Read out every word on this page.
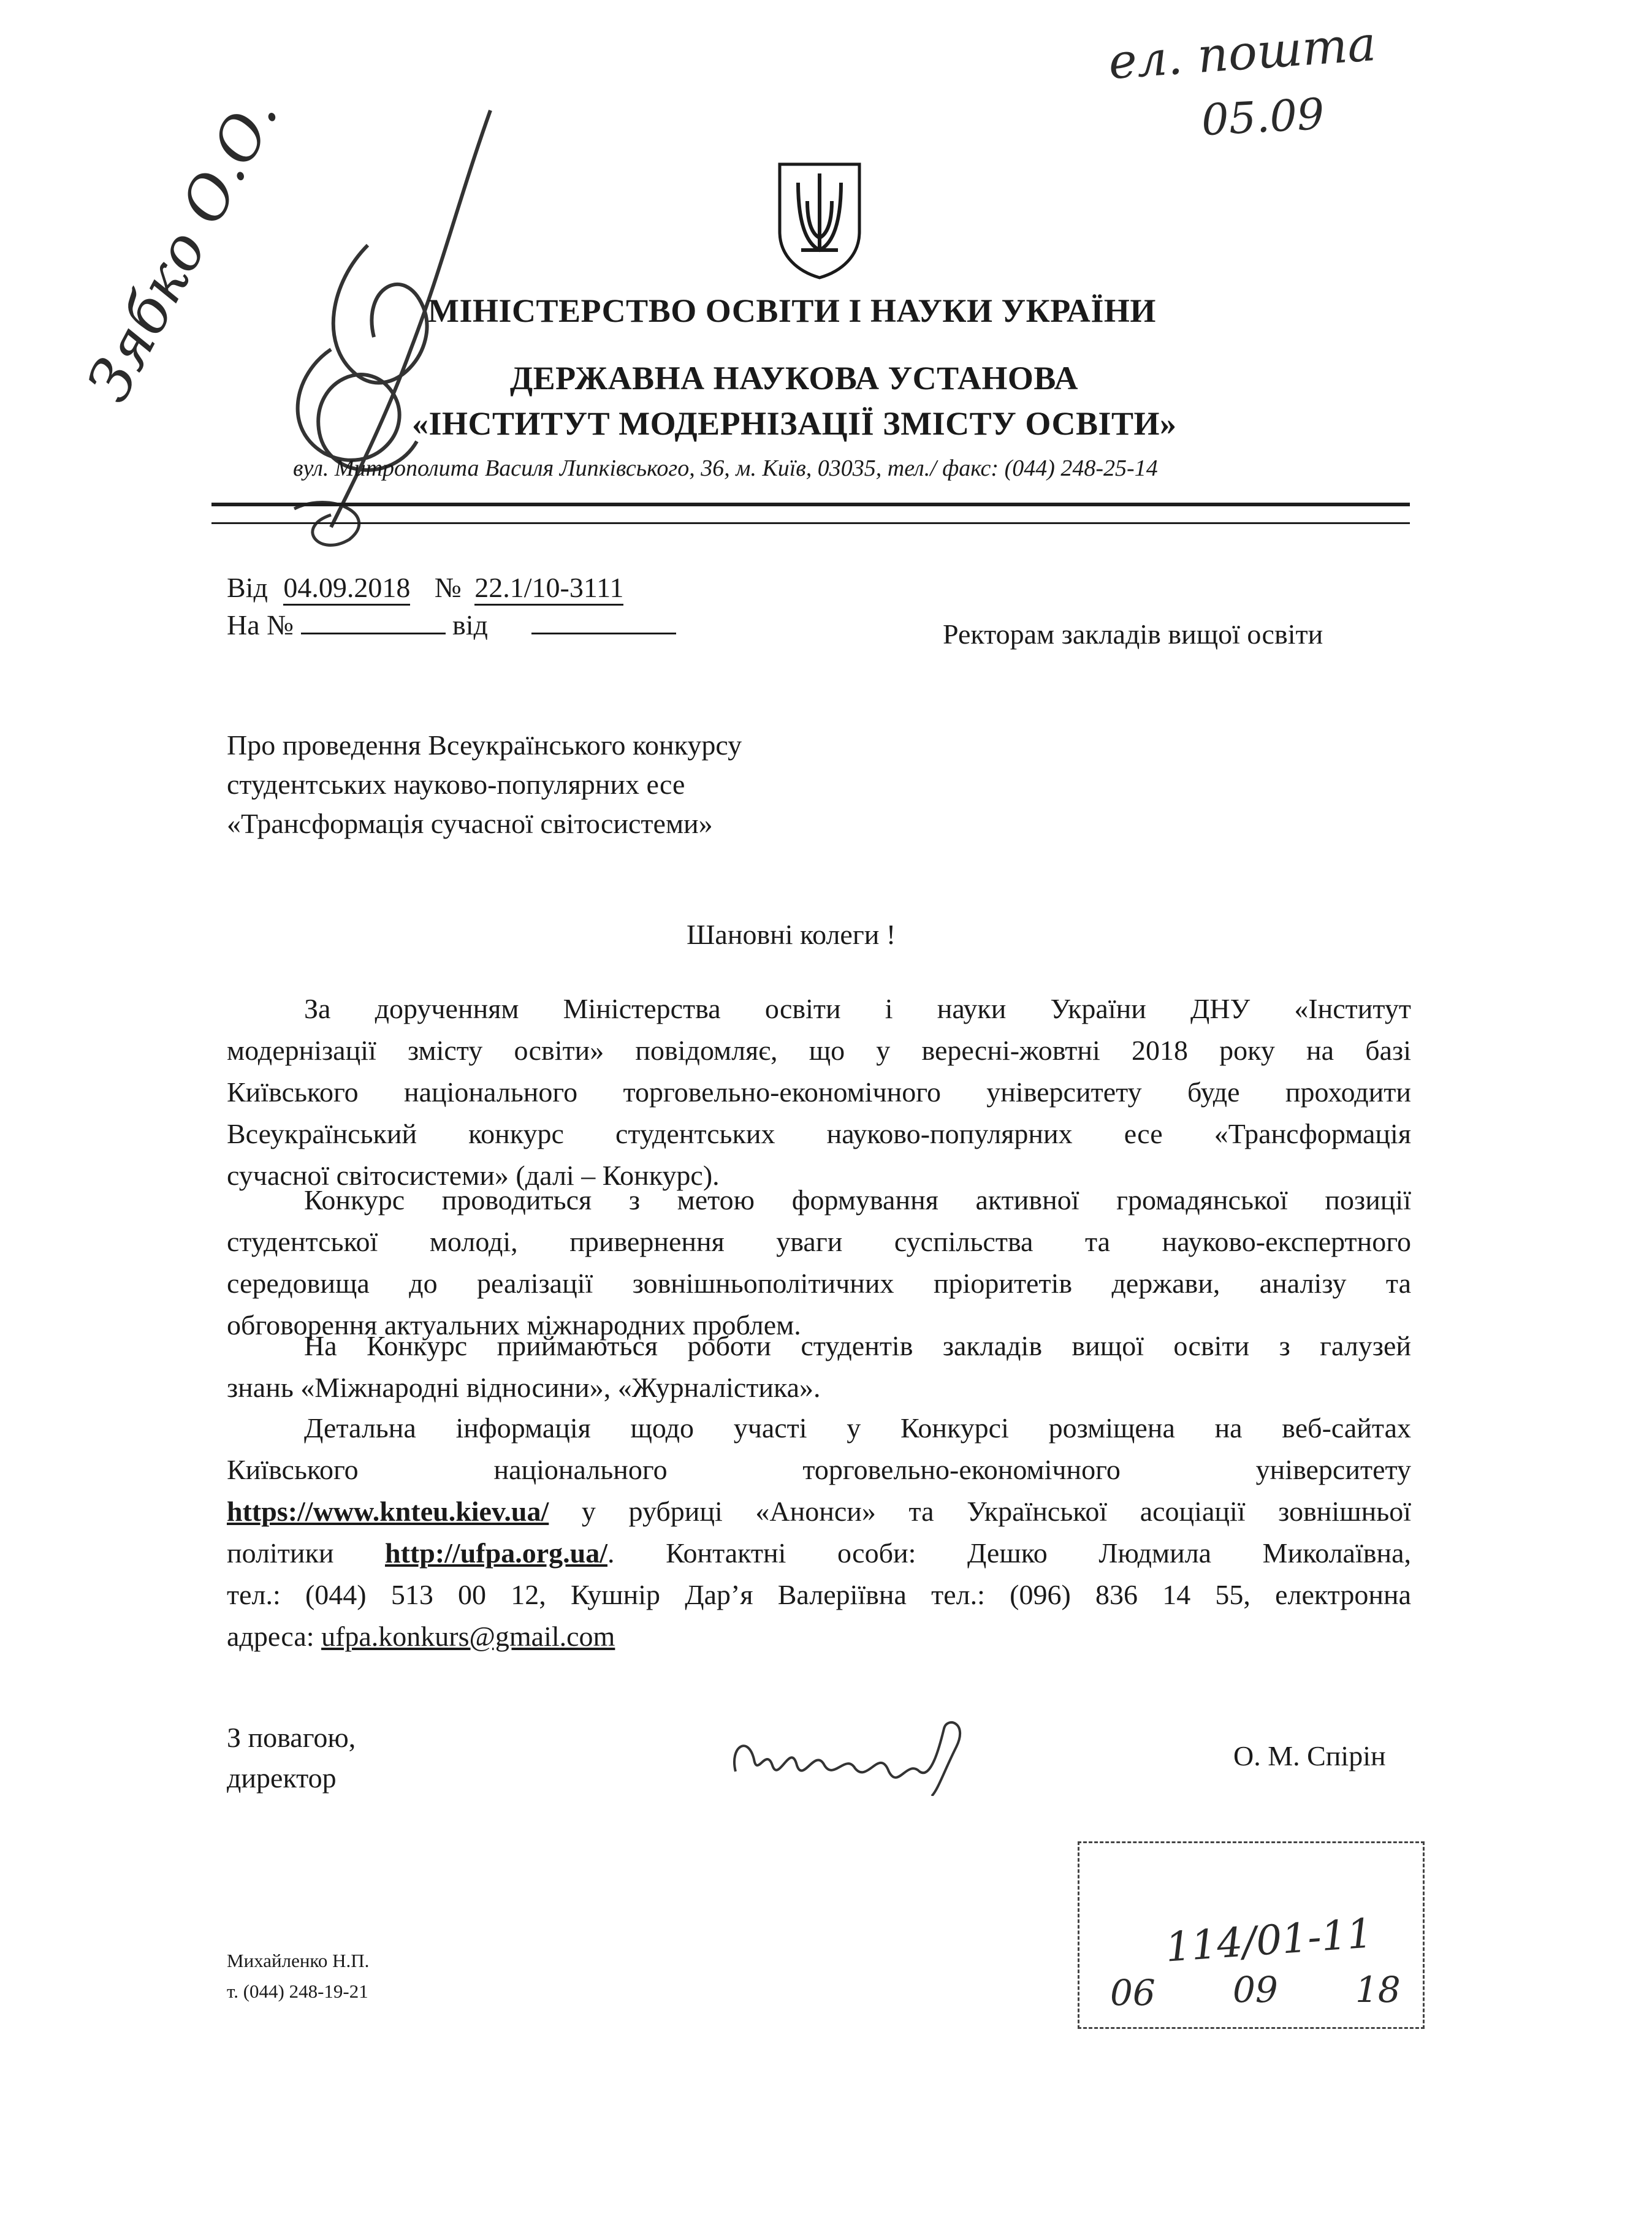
ел. пошта
05.09
Зябко О.О.	МІНІСТЕРСТВО ОСВІТИ І НАУКИ УКРАЇНИ
ДЕРЖАВНА НАУКОВА УСТАНОВА
«ІНСТИТУТ МОДЕРНІЗАЦІЇ ЗМІСТУ ОСВІТИ»
вул. Митрополита Василя Липківського, 36, м. Київ, 03035, тел./ факс: (044) 248-25-14
Від 04.09.2018 № 22.1/10-3111
На №	від	Ректорам закладів вищої освіти
Про проведення Всеукраїнського конкурсу
студентських науково-популярних есе
«Трансформація сучасної світосистеми»
Шановні колеги !
За дорученням Міністерства освіти і науки України ДНУ «Інститут
модернізації змісту освіти» повідомляє, що у вересні-жовтні 2018 року на базі
Київського національного торговельно-економічного університету буде проходити
Всеукраїнський конкурс студентських науково-популярних есе «Трансформація
сучасної світосистеми» (далі – Конкурс).
Конкурс проводиться з метою формування активної громадянської позиції
студентської молоді, привернення уваги суспільства та науково-експертного
середовища до реалізації зовнішньополітичних пріоритетів держави, аналізу та
обговорення актуальних міжнародних проблем.
На Конкурс приймаються роботи студентів закладів вищої освіти з галузей
знань «Міжнародні відносини», «Журналістика».
Детальна інформація щодо участі у Конкурсі розміщена на веб-сайтах
Київського	національного	торговельно-економічного	університету
https://www.knteu.kiev.ua/ у рубриці «Анонси» та Української асоціації зовнішньої
політики http://ufpa.org.ua/. Контактні особи: Дешко Людмила Миколаївна,
тел.: (044) 513 00 12, Кушнір Дар’я Валеріївна тел.: (096) 836 14 55, електронна
адреса: ufpa.konkurs@gmail.com
З повагою,
директор
О. М. Спірін
Михайленко Н.П.
т. (044) 248-19-21
114/01-11
06 09 18
